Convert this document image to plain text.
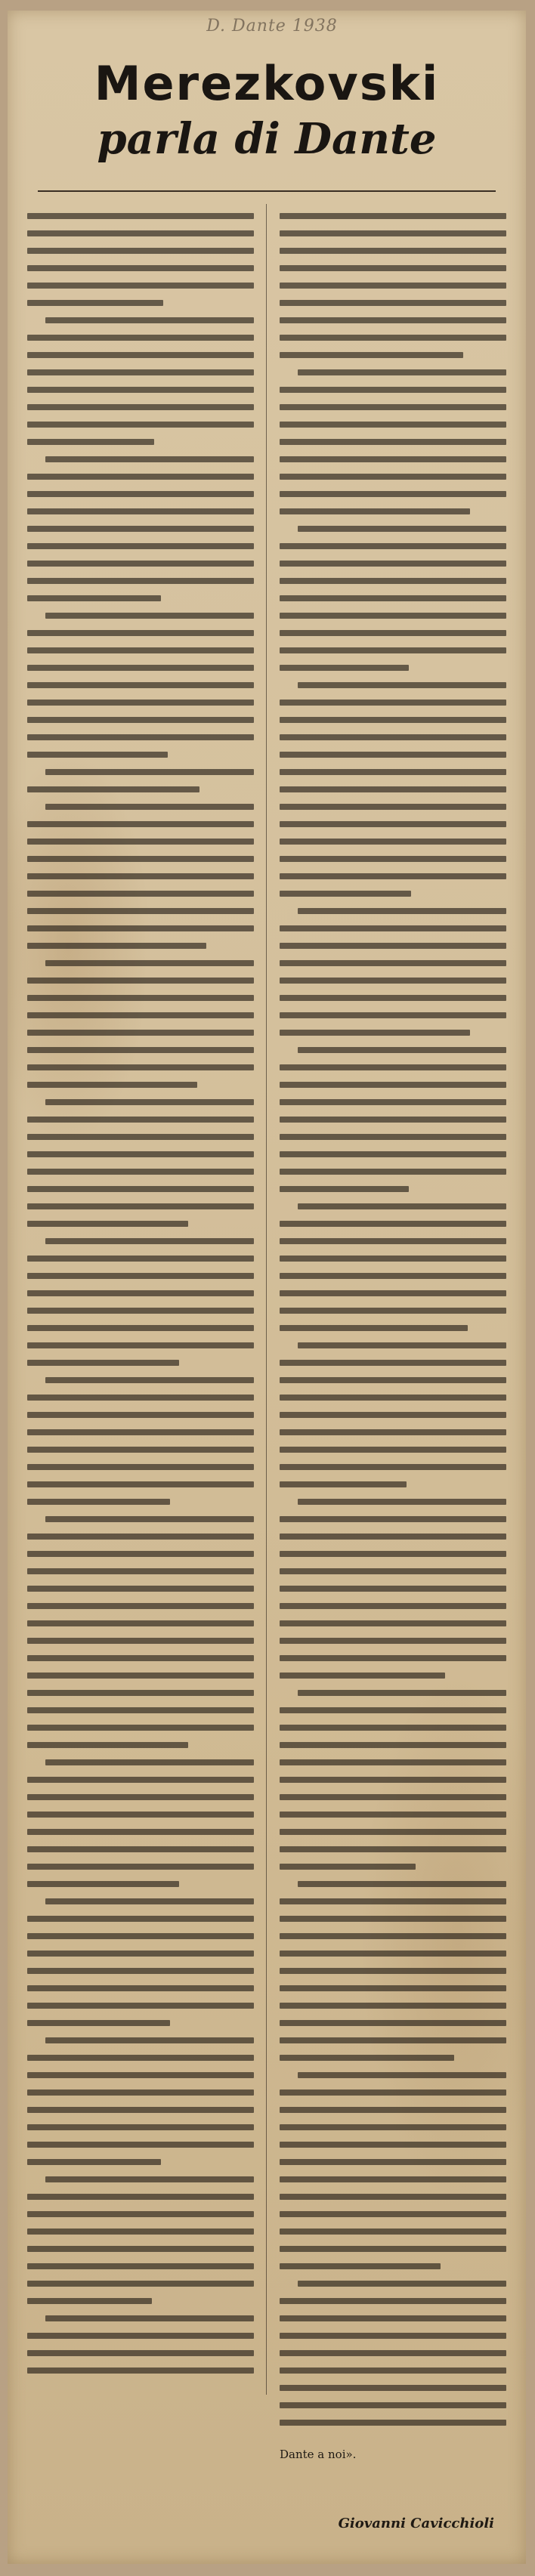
D. Dante 1938
Merezkovski
parla di Dante
Dante a noi».
Giovanni Cavicchioli
